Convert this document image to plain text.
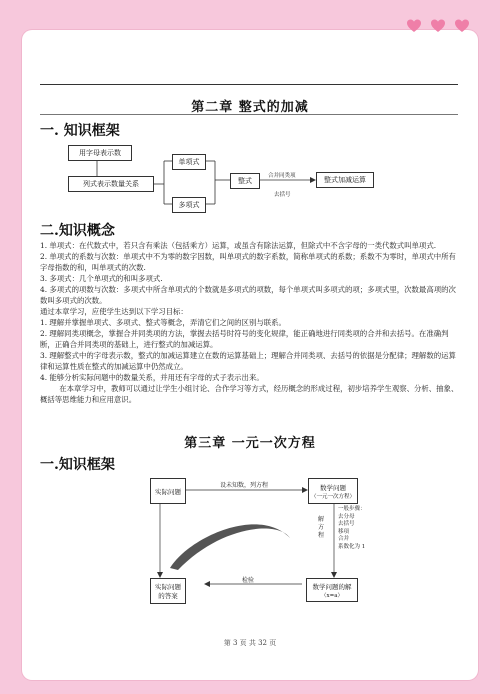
第二章 整式的加减
一. 知识框架
用字母表示数
列式表示数量关系
单项式
多项式
整式	整式加减运算
合并同类项
去括号
二.知识概念

1. 单项式：在代数式中，若只含有乘法（包括乘方）运算，或虽含有除法运算，但除式中不含字母的一类代数式叫单项式.

2. 单项式的系数与次数：单项式中不为零的数字因数，叫单项式的数字系数，简称单项式的系数；系数不为零时，单项式中所有字母指数的和，叫单项式的次数.

3. 多项式：几个单项式的和叫多项式.

4. 多项式的项数与次数：多项式中所含单项式的个数就是多项式的项数，每个单项式叫多项式的项；多项式里，次数最高项的次数叫多项式的次数。

通过本章学习，应使学生达到以下学习目标：

1. 理解并掌握单项式、多项式、整式等概念，弄清它们之间的区别与联系。

2. 理解同类项概念，掌握合并同类项的方法，掌握去括号时符号的变化规律，能正确地进行同类项的合并和去括号。在准确判断，正确合并同类项的基础上，进行整式的加减运算。

3. 理解整式中的字母表示数，整式的加减运算建立在数的运算基础上；理解合并同类项、去括号的依据是分配律；理解数的运算律和运算性质在整式的加减运算中仍然成立。

4. 能够分析实际问题中的数量关系，并用还有字母的式子表示出来。

在本章学习中，教师可以通过让学生小组讨论、合作学习等方式，经历概念的形成过程，初步培养学生观察、分析、抽象、概括等思维能力和应用意识。

第三章 一元一次方程
一.知识框架
实际问题	数学问题
（一元一次方程）
实际问题
的答案
数学问题的解
（x=a）
设未知数，列方程
检验
解
方
程
一般步骤：
去分母
去括号
移项
合并
系数化为 1
第 3 页 共 32 页
